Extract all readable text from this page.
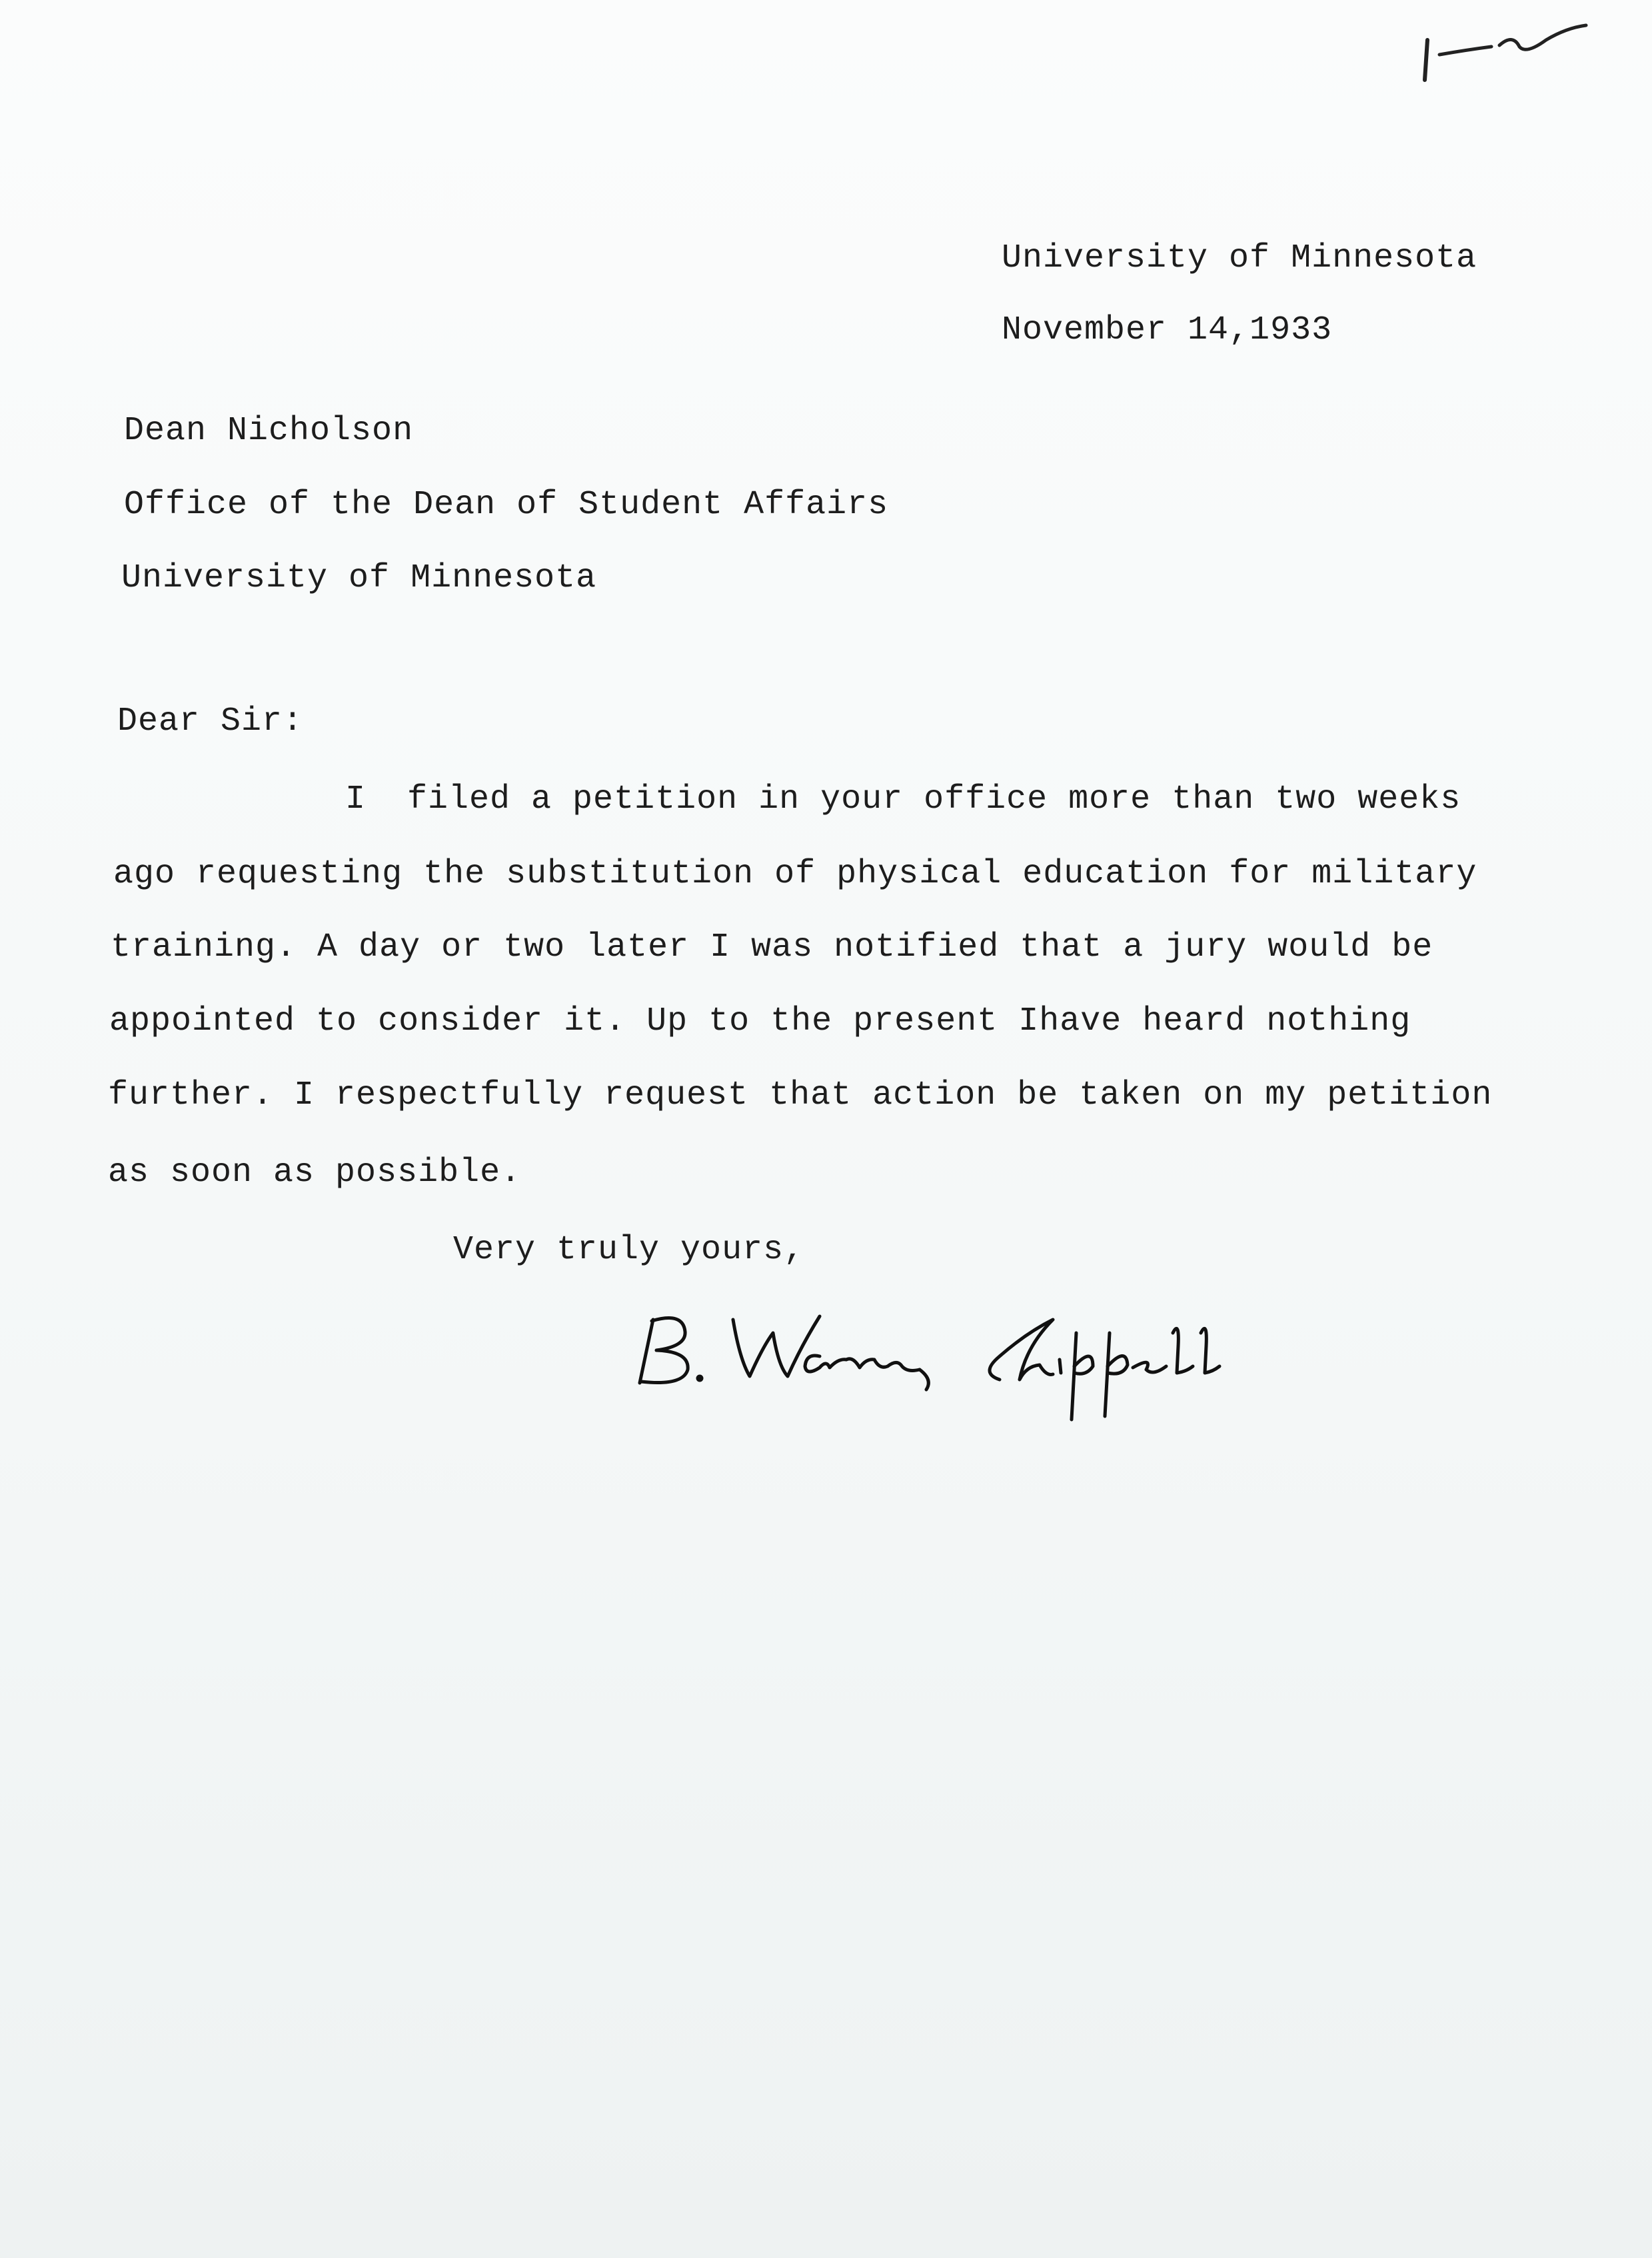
University of Minnesota
November 14,1933
Dean Nicholson
Office of the Dean of Student Affairs
University of Minnesota
Dear Sir:
I  filed a petition in your office more than two weeks
ago requesting the substitution of physical education for military
training. A day or two later I was notified that a jury would be
appointed to consider it. Up to the present Ihave heard nothing
further. I respectfully request that action be taken on my petition
as soon as possible.
Very truly yours,
